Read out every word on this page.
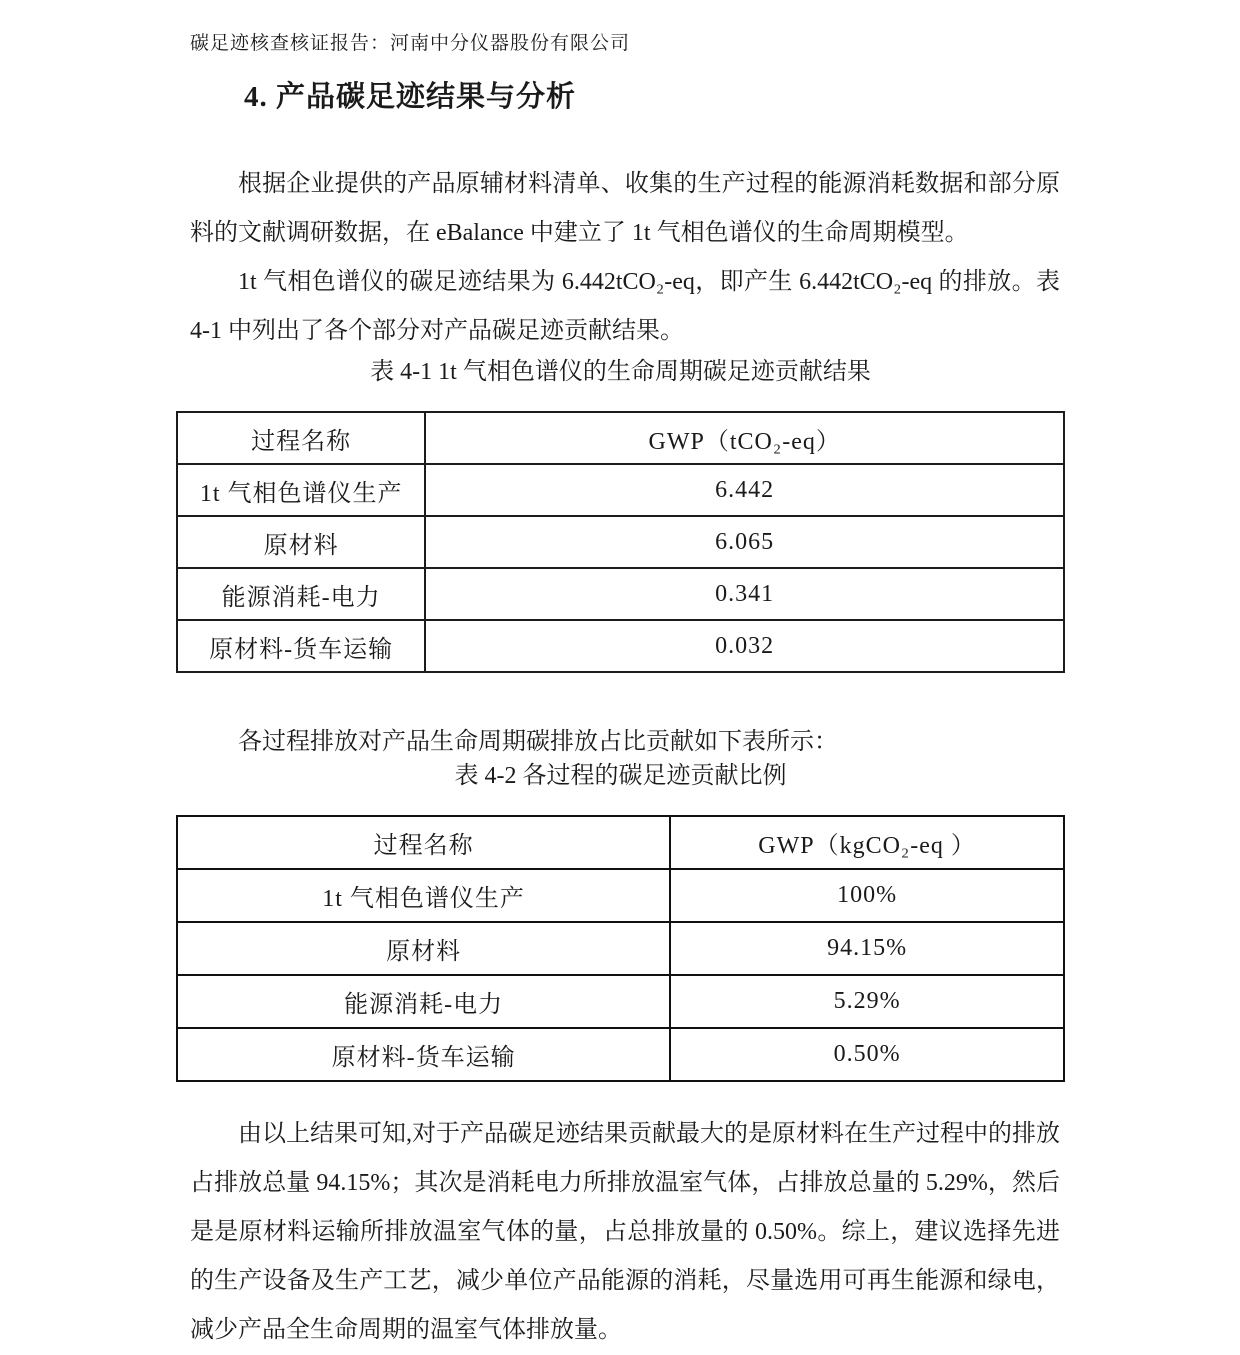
碳足迹核查核证报告：河南中分仪器股份有限公司
4. 产品碳足迹结果与分析

根据企业提供的产品原辅材料清单、收集的生产过程的能源消耗数据和部分原料的文献调研数据，在 eBalance 中建立了 1t 气相色谱仪的生命周期模型。

1t 气相色谱仪的碳足迹结果为 6.442tCO₂-eq，即产生 6.442tCO₂-eq 的排放。表 4-1 中列出了各个部分对产品碳足迹贡献结果。

表 4-1 1t 气相色谱仪的生命周期碳足迹贡献结果
过程名称	GWP（tCO₂-eq）
1t 气相色谱仪生产	6.442
原材料	6.065
能源消耗-电力	0.341
原材料-货车运输	0.032

各过程排放对产品生命周期碳排放占比贡献如下表所示：

表 4-2 各过程的碳足迹贡献比例
过程名称	GWP（kgCO₂-eq ）
1t 气相色谱仪生产	100%
原材料	94.15%
能源消耗-电力	5.29%
原材料-货车运输	0.50%

由以上结果可知,对于产品碳足迹结果贡献最大的是原材料在生产过程中的排放占排放总量 94.15%；其次是消耗电力所排放温室气体，占排放总量的 5.29%，然后是是原材料运输所排放温室气体的量，占总排放量的 0.50%。综上，建议选择先进的生产设备及生产工艺，减少单位产品能源的消耗，尽量选用可再生能源和绿电，减少产品全生命周期的温室气体排放量。
